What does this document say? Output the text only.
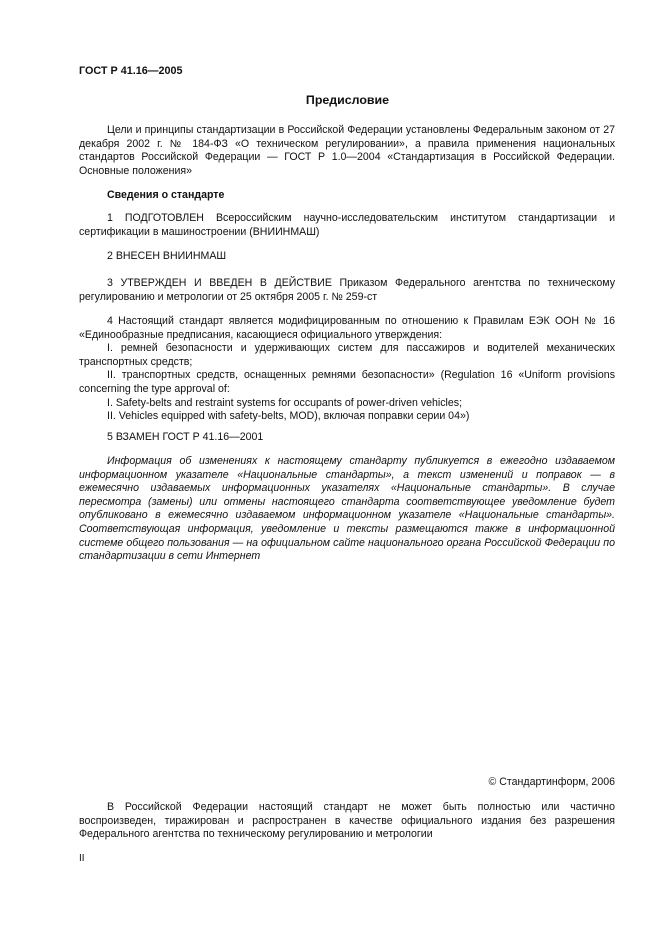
ГОСТ Р 41.16—2005
Предисловие

Цели и принципы стандартизации в Российской Федерации установлены Федеральным законом от 27 декабря 2002 г. № 184-ФЗ «О техническом регулировании», а правила применения национальных стандартов Российской Федерации — ГОСТ Р 1.0—2004 «Стандартизация в Российской Федерации. Основные положения»

Сведения о стандарте

1 ПОДГОТОВЛЕН Всероссийским научно-исследовательским институтом стандартизации и сертификации в машиностроении (ВНИИНМАШ)

2 ВНЕСЕН ВНИИНМАШ

3 УТВЕРЖДЕН И ВВЕДЕН В ДЕЙСТВИЕ Приказом Федерального агентства по техническому регулированию и метрологии от 25 октября 2005 г. № 259-ст

4 Настоящий стандарт является модифицированным по отношению к Правилам ЕЭК ООН № 16 «Единообразные предписания, касающиеся официального утверждения:

I. ремней безопасности и удерживающих систем для пассажиров и водителей механических транспортных средств;

II. транспортных средств, оснащенных ремнями безопасности» (Regulation 16 «Uniform provisions concerning the type approval of:

I. Safety-belts and restraint systems for occupants of power-driven vehicles;

II. Vehicles equipped with safety-belts, MOD), включая поправки серии 04»)

5 ВЗАМЕН ГОСТ Р 41.16—2001

Информация об изменениях к настоящему стандарту публикуется в ежегодно издаваемом информационном указателе «Национальные стандарты», а текст изменений и поправок — в ежемесячно издаваемых информационных указателях «Национальные стандарты». В случае пересмотра (замены) или отмены настоящего стандарта соответствующее уведомление будет опубликовано в ежемесячно издаваемом информационном указателе «Национальные стандарты». Соответствующая информация, уведомление и тексты размещаются также в информационной системе общего пользования — на официальном сайте национального органа Российской Федерации по стандартизации в сети Интернет

© Стандартинформ, 2006

В Российской Федерации настоящий стандарт не может быть полностью или частично воспроизведен, тиражирован и распространен в качестве официального издания без разрешения Федерального агентства по техническому регулированию и метрологии

II
